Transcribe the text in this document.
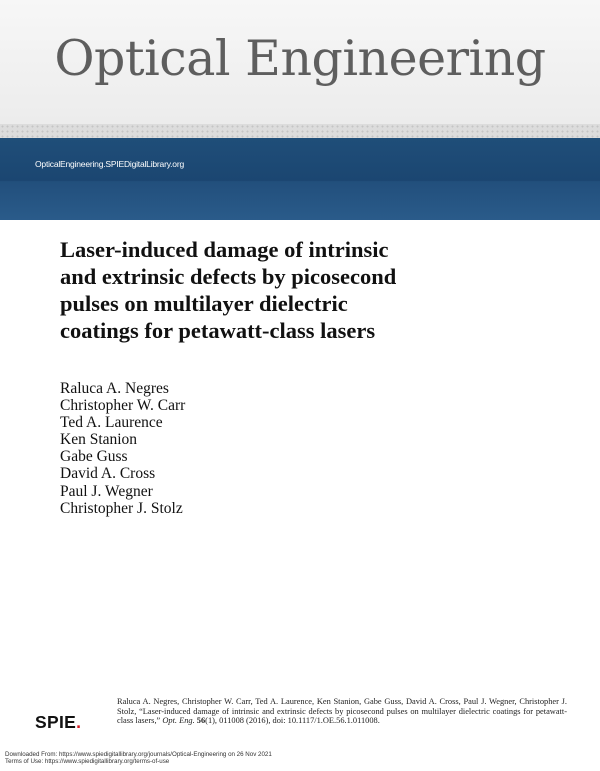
Optical Engineering
OpticalEngineering.SPIEDigitalLibrary.org
Laser-induced damage of intrinsic
and extrinsic defects by picosecond
pulses on multilayer dielectric
coatings for petawatt-class lasers
Raluca A. Negres
Christopher W. Carr
Ted A. Laurence
Ken Stanion
Gabe Guss
David A. Cross
Paul J. Wegner
Christopher J. Stolz
SPIE.
Raluca A. Negres, Christopher W. Carr, Ted A. Laurence, Ken Stanion, Gabe Guss, David A. Cross, Paul J. Wegner, Christopher J. Stolz, “Laser-induced damage of intrinsic and extrinsic defects by picosecond pulses on multilayer dielectric coatings for petawatt-class lasers,” Opt. Eng. 56(1), 011008 (2016), doi: 10.1117/1.OE.56.1.011008.
Downloaded From: https://www.spiedigitallibrary.org/journals/Optical-Engineering on 26 Nov 2021
Terms of Use: https://www.spiedigitallibrary.org/terms-of-use
